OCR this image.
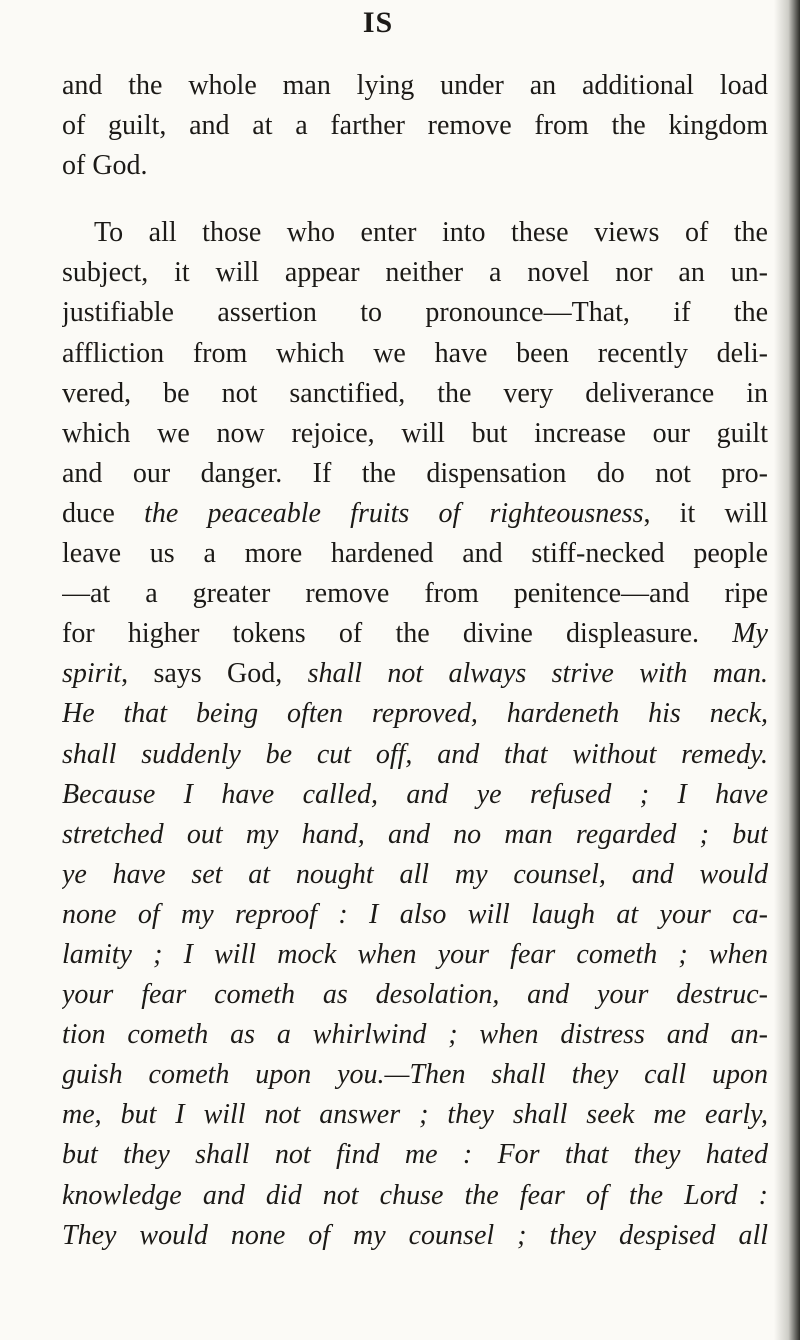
IS
and the whole man lying under an additional load
of guilt, and at a farther remove from the kingdom
of God.
To all those who enter into these views of the
subject, it will appear neither a novel nor an un-
justifiable assertion to pronounce—That, if the
affliction from which we have been recently deli-
vered, be not sanctified, the very deliverance in
which we now rejoice, will but increase our guilt
and our danger. If the dispensation do not pro-
duce the peaceable fruits of righteousness, it will
leave us a more hardened and stiff-necked people
—at a greater remove from penitence—and ripe
for higher tokens of the divine displeasure. My
spirit, says God, shall not always strive with man.
He that being often reproved, hardeneth his neck,
shall suddenly be cut off, and that without remedy.
Because I have called, and ye refused ; I have
stretched out my hand, and no man regarded ; but
ye have set at nought all my counsel, and would
none of my reproof : I also will laugh at your ca-
lamity ; I will mock when your fear cometh ; when
your fear cometh as desolation, and your destruc-
tion cometh as a whirlwind ; when distress and an-
guish cometh upon you.—Then shall they call upon
me, but I will not answer ; they shall seek me early,
but they shall not find me : For that they hated
knowledge and did not chuse the fear of the Lord :
They would none of my counsel ; they despised all
